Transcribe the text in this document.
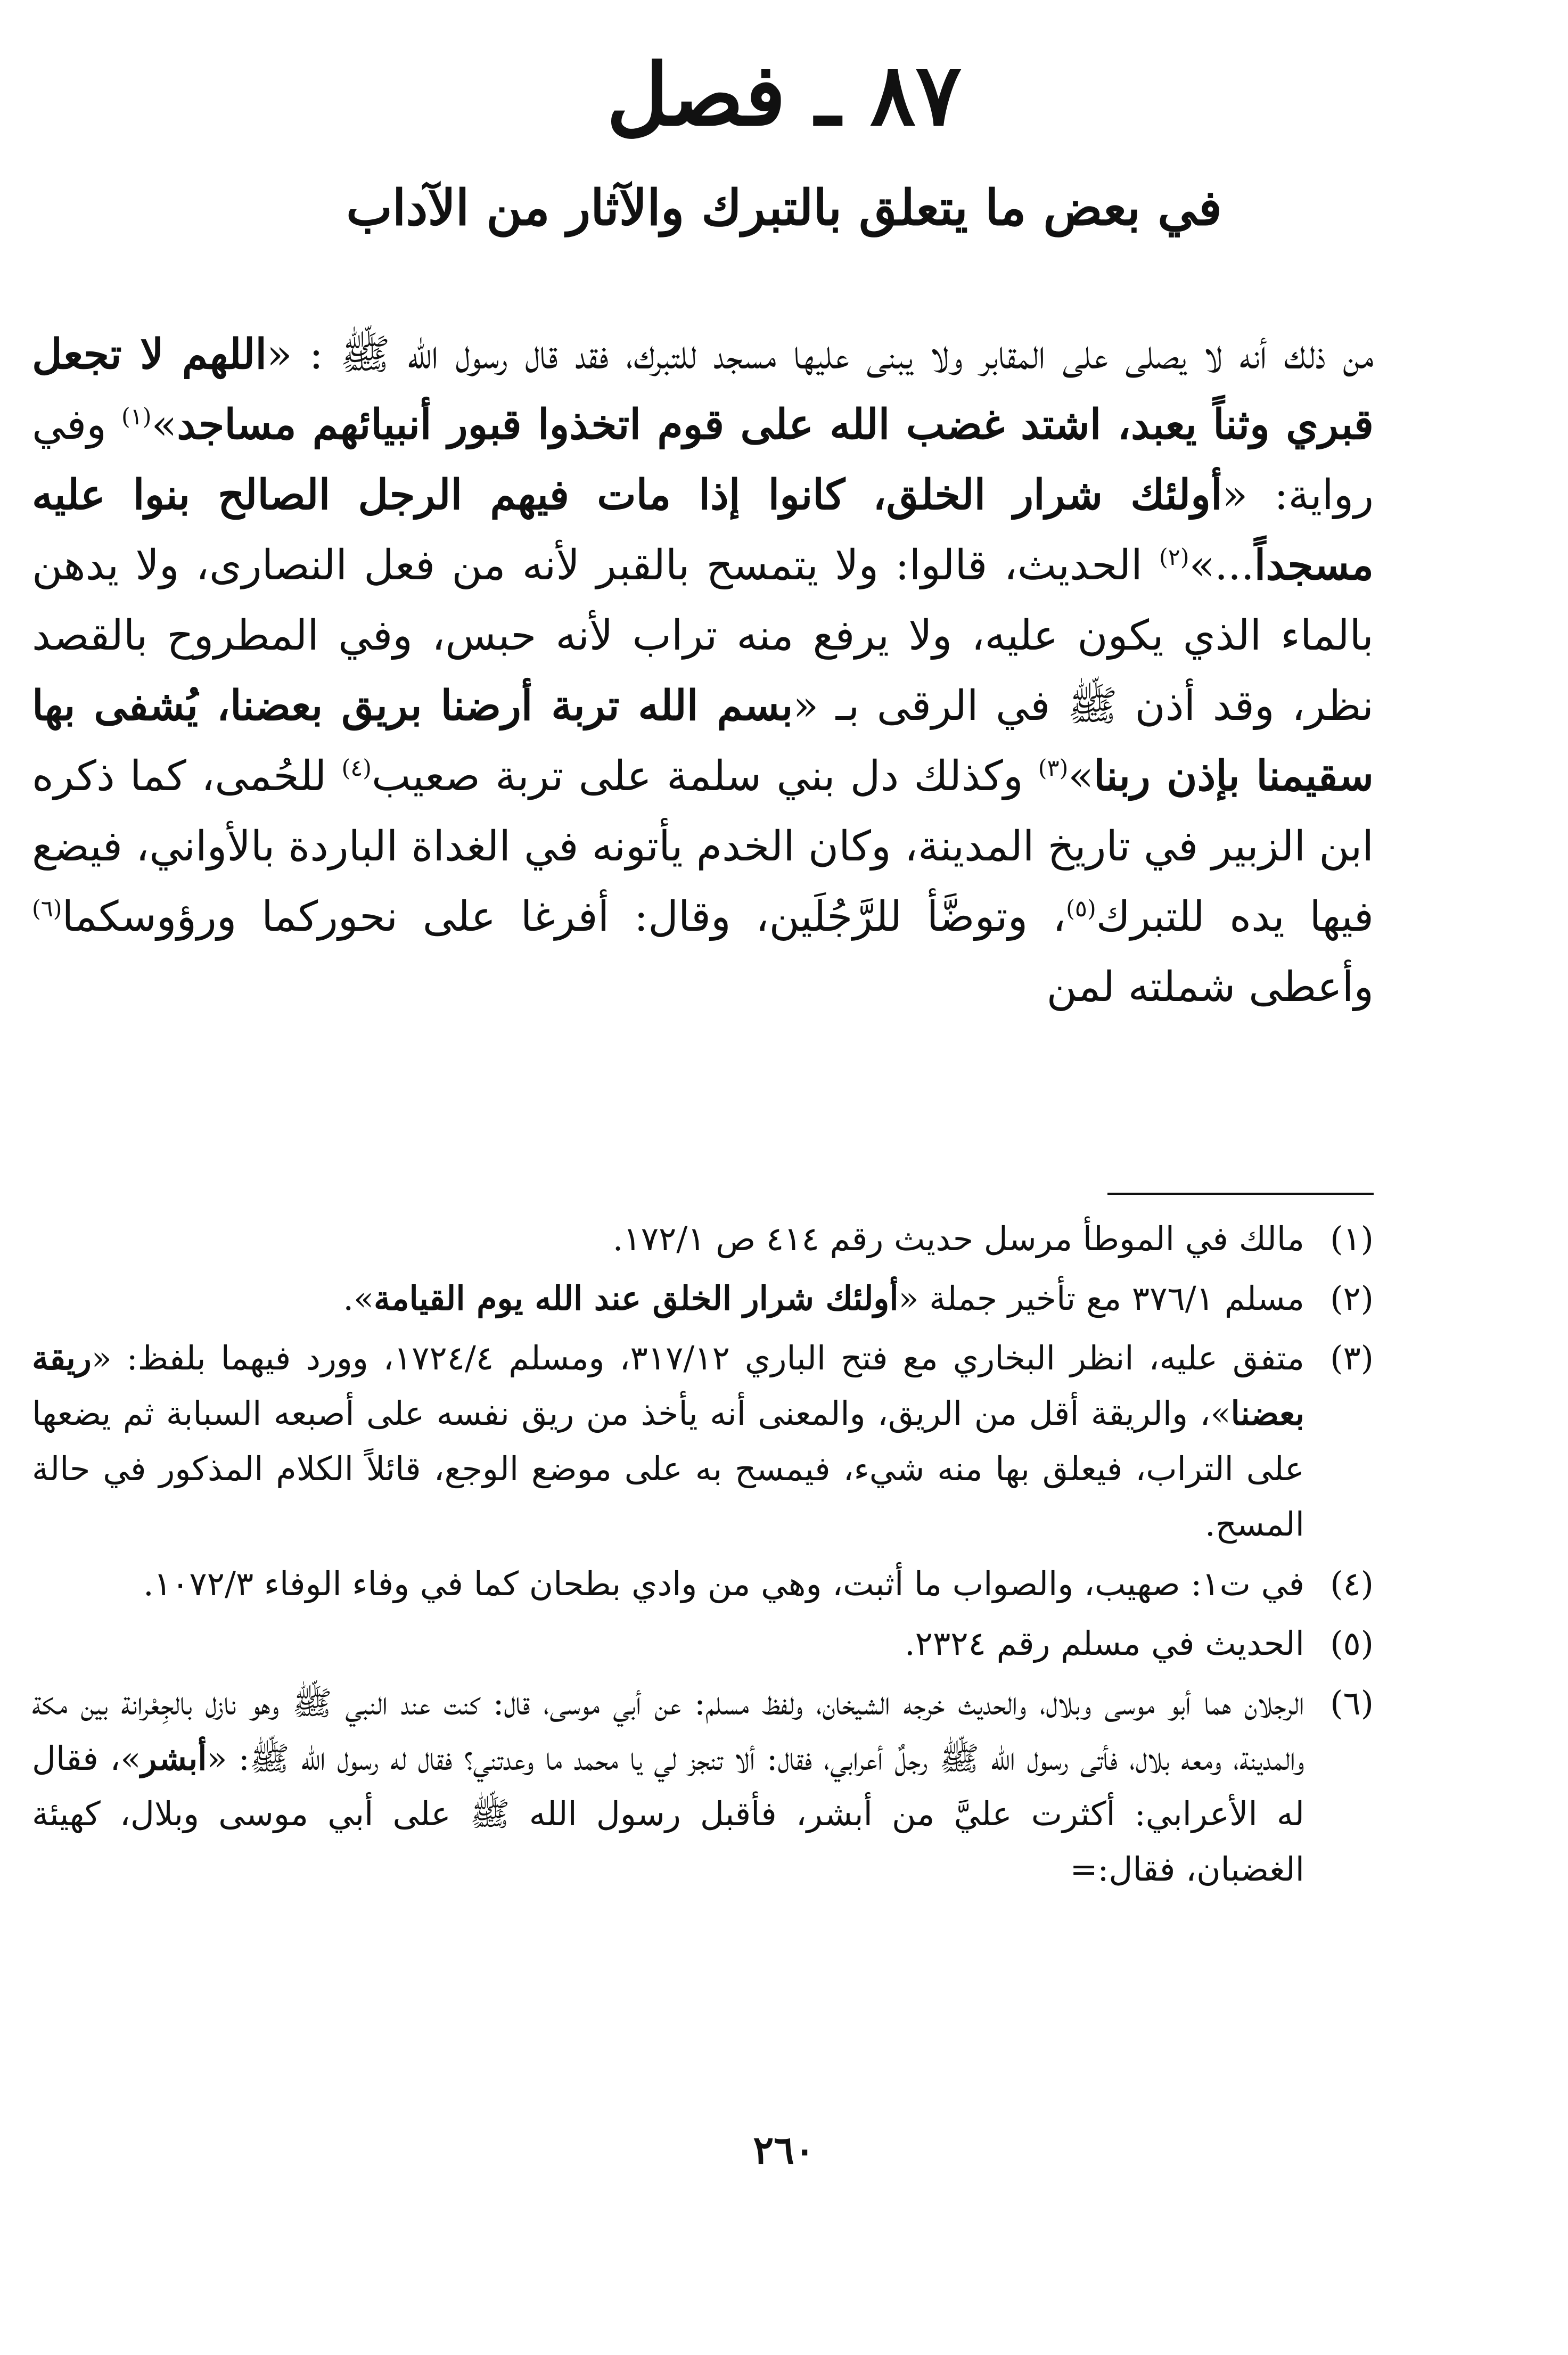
٨٧ ـ فصل
في بعض ما يتعلق بالتبرك والآثار من الآداب

من ذلك أنه لا يصلى على المقابر ولا يبنى عليها مسجد للتبرك، فقد قال رسول الله ﷺ : «اللهم لا تجعل قبري وثناً يعبد، اشتد غضب الله على قوم اتخذوا قبور أنبيائهم مساجد»$^{(١)}$ وفي رواية: «أولئك شرار الخلق، كانوا إذا مات فيهم الرجل الصالح بنوا عليه مسجداً...»$^{(٢)}$ الحديث، قالوا: ولا يتمسح بالقبر لأنه من فعل النصارى، ولا يدهن بالماء الذي يكون عليه، ولا يرفع منه تراب لأنه حبس، وفي المطروح بالقصد نظر، وقد أذن ﷺ في الرقى بـ «بسم الله تربة أرضنا بريق بعضنا، يُشفى بها سقيمنا بإذن ربنا»$^{(٣)}$ وكذلك دل بني سلمة على تربة صعيب$^{(٤)}$ للحُمى، كما ذكره ابن الزبير في تاريخ المدينة، وكان الخدم يأتونه في الغداة الباردة بالأواني، فيضع فيها يده للتبرك$^{(٥)}$، وتوضَّأ للرَّجُلَين، وقال: أفرغا على نحوركما ورؤوسكما$^{(٦)}$ وأعطى شملته لمن

(١)
مالك في الموطأ مرسل حديث رقم ٤١٤ ص ١٧٢/١.
(٢)
مسلم ٣٧٦/١ مع تأخير جملة «أولئك شرار الخلق عند الله يوم القيامة».
(٣)
متفق عليه، انظر البخاري مع فتح الباري ٣١٧/١٢، ومسلم ١٧٢٤/٤، وورد فيهما بلفظ: «ريقة بعضنا»، والريقة أقل من الريق، والمعنى أنه يأخذ من ريق نفسه على أصبعه السبابة ثم يضعها على التراب، فيعلق بها منه شيء، فيمسح به على موضع الوجع، قائلاً الكلام المذكور في حالة المسح.
(٤)
في ت١: صهيب، والصواب ما أثبت، وهي من وادي بطحان كما في وفاء الوفاء ١٠٧٢/٣.
(٥)
الحديث في مسلم رقم ٢٣٢٤.
(٦)
الرجلان هما أبو موسى وبلال، والحديث خرجه الشيخان، ولفظ مسلم: عن أبي موسى، قال: كنت عند النبي ﷺ وهو نازل بالجِعْرانة بين مكة والمدينة، ومعه بلال، فأتى رسول الله ﷺ رجلٌ أعرابي، فقال: ألا تنجز لي يا محمد ما وعدتني؟ فقال له رسول الله ﷺ: «أبشر»، فقال له الأعرابي: أكثرت عليَّ من أبشر، فأقبل رسول الله ﷺ على أبي موسى وبلال، كهيئة الغضبان، فقال:=
٢٦٠
